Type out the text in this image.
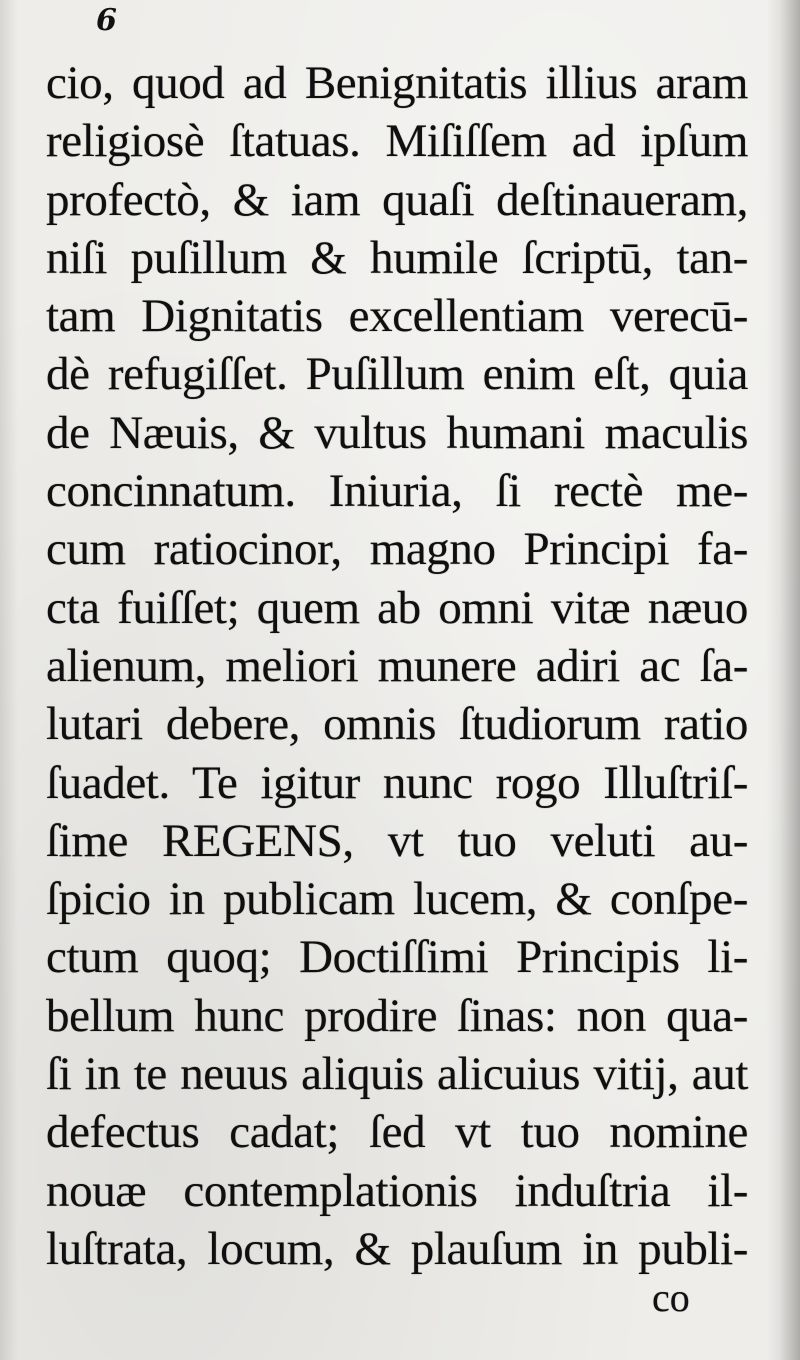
6
cio, quod ad Benignitatis illius aram
religiosè ſtatuas. Miſiſſem ad ipſum
profectò, & iam quaſi deſtinaueram,
niſi puſillum & humile ſcriptū, tan-
tam Dignitatis excellentiam verecū-
dè refugiſſet. Puſillum enim eſt, quia
de Næuis, & vultus humani maculis
concinnatum. Iniuria, ſi rectè me-
cum ratiocinor, magno Principi fa-
cta fuiſſet; quem ab omni vitæ næuo
alienum, meliori munere adiri ac ſa-
lutari debere, omnis ſtudiorum ratio
ſuadet. Te igitur nunc rogo Illuſtriſ-
ſime REGENS, vt tuo veluti au-
ſpicio in publicam lucem, & conſpe-
ctum quoq; Doctiſſimi Principis li-
bellum hunc prodire ſinas: non qua-
ſi in te neuus aliquis alicuius vitij, aut
defectus cadat; ſed vt tuo nomine
nouæ contemplationis induſtria il-
luſtrata, locum, & plauſum in publi-
co
